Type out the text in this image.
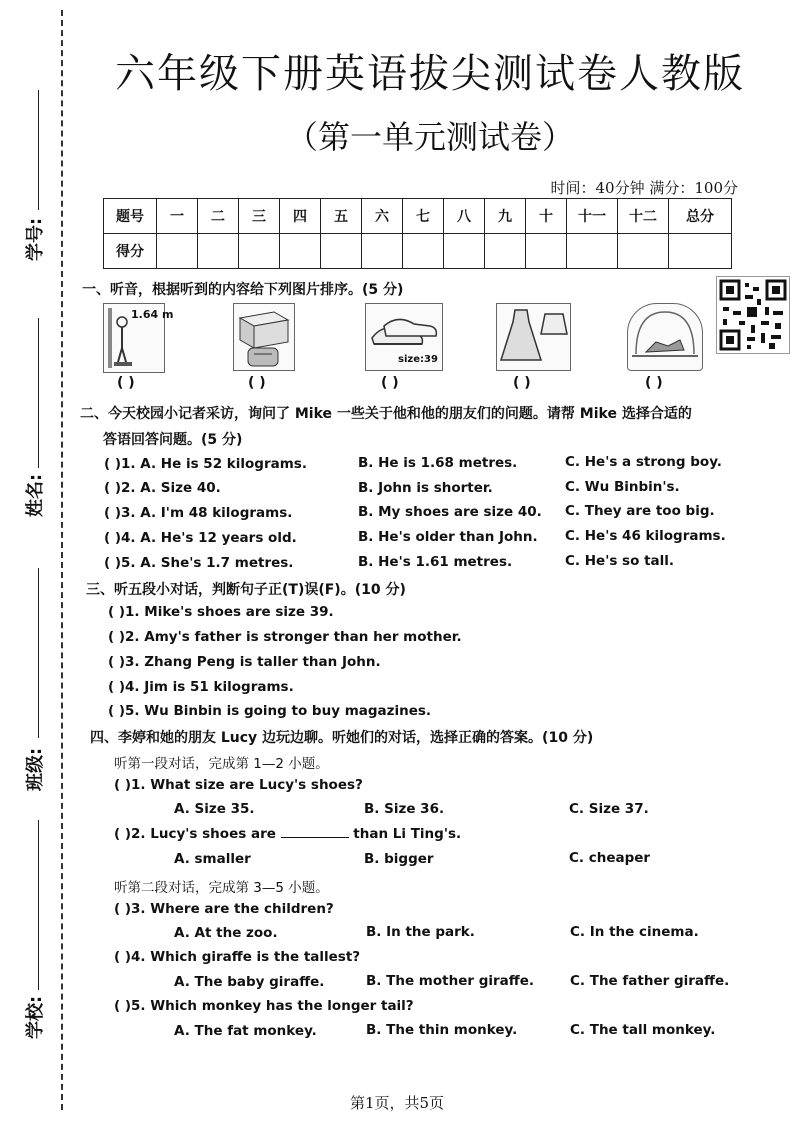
学号:
姓名:
班级:
学校:
六年级下册英语拔尖测试卷人教版
（第一单元测试卷）
时间：40分钟 满分：100分
题号	一	二	三	四	五	六	七	八	九	十	十一	十二	总分
得分													
一、听音，根据听到的内容给下列图片排序。(5 分)
1.64 m
size:39
( )	( )	( )	( )	( )
二、今天校园小记者采访，询问了 Mike 一些关于他和他的朋友们的问题。请帮 Mike 选择合适的
答语回答问题。(5 分)
( )1. A. He is 52 kilograms.	B. He is 1.68 metres.	C. He's a strong boy.
( )2. A. Size 40.	B. John is shorter.	C. Wu Binbin's.
( )3. A. I'm 48 kilograms.	B. My shoes are size 40. C. They are too big.
( )4. A. He's 12 years old.	B. He's older than John. C. He's 46 kilograms.
( )5. A. She's 1.7 metres.	B. He's 1.61 metres.	C. He's so tall.
三、听五段小对话，判断句子正(T)误(F)。(10 分)
( )1. Mike's shoes are size 39.
( )2. Amy's father is stronger than her mother.
( )3. Zhang Peng is taller than John.
( )4. Jim is 51 kilograms.
( )5. Wu Binbin is going to buy magazines.
四、李婷和她的朋友 Lucy 边玩边聊。听她们的对话，选择正确的答案。(10 分)
听第一段对话，完成第 1—2 小题。
( )1. What size are Lucy's shoes?
A. Size 35.	B. Size 36.	C. Size 37.
( )2. Lucy's shoes are	than Li Ting's.
A. smaller	B. bigger	C. cheaper
听第二段对话，完成第 3—5 小题。
( )3. Where are the children?
A. At the zoo.	B. In the park.	C. In the cinema.
( )4. Which giraffe is the tallest?
A. The baby giraffe.	B. The mother giraffe.	C. The father giraffe.
( )5. Which monkey has the longer tail?
A. The fat monkey.	B. The thin monkey.	C. The tall monkey.
第1页，共5页
